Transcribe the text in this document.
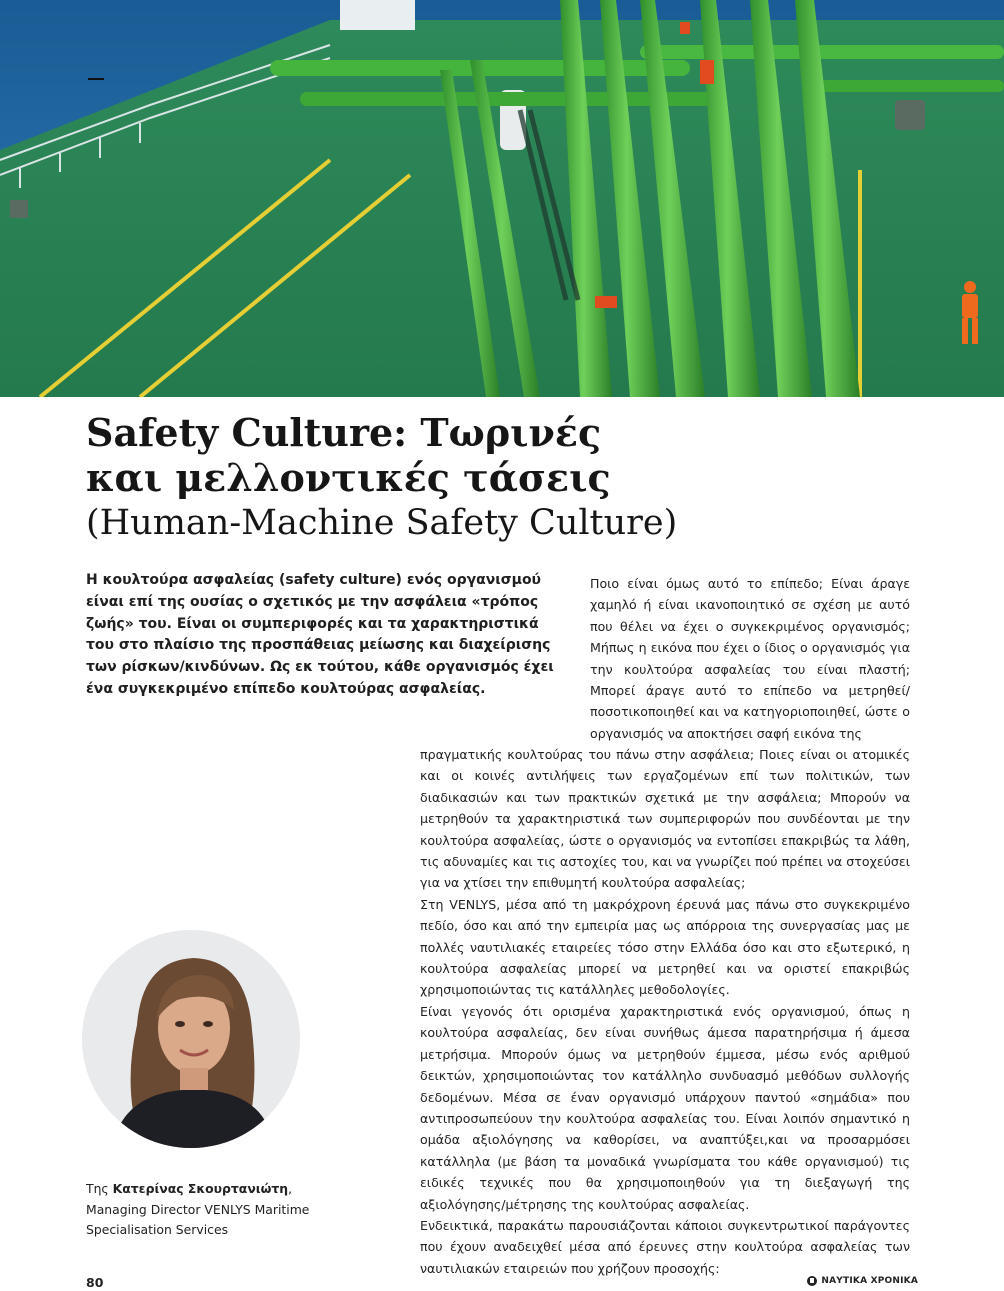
Safety Culture: Τωρινές
και μελλοντικές τάσεις
(Human-Machine Safety Culture)

Η κουλτούρα ασφαλείας (safety culture) ενός οργανισμού είναι επί της ουσίας ο σχετικός με την ασφάλεια «τρόπος ζωής» του. Είναι οι συμπεριφορές και τα χαρακτηριστικά του στο πλαίσιο της προσπάθειας μείωσης και διαχείρισης των ρίσκων/κινδύνων. Ως εκ τούτου, κάθε οργανισμός έχει ένα συγκεκριμένο επίπεδο κουλτούρας ασφαλείας.

Ποιο είναι όμως αυτό το επίπεδο; Είναι άραγε χαμηλό ή είναι ικανοποιητικό σε σχέση με αυτό που θέλει να έχει ο συγκεκριμένος οργανισμός; Μήπως η εικόνα που έχει ο ίδιος ο οργανισμός για την κουλτούρα ασφαλείας του είναι πλαστή; Μπορεί άραγε αυτό το επίπεδο να μετρηθεί/ ποσοτικοποιηθεί και να κατηγοριοποιηθεί, ώστε ο οργανισμός να αποκτήσει σαφή εικόνα της

πραγματικής κουλτούρας του πάνω στην ασφάλεια; Ποιες είναι οι ατομικές και οι κοινές αντιλήψεις των εργαζομένων επί των πολιτικών, των διαδικασιών και των πρακτικών σχετικά με την ασφάλεια; Μπορούν να μετρηθούν τα χαρακτηριστικά των συμπεριφορών που συνδέονται με την κουλτούρα ασφαλείας, ώστε ο οργανισμός να εντοπίσει επακριβώς τα λάθη, τις αδυναμίες και τις αστοχίες του, και να γνωρίζει πού πρέπει να στοχεύσει για να χτίσει την επιθυμητή κουλτούρα ασφαλείας;

Στη VENLYS, μέσα από τη μακρόχρονη έρευνά μας πάνω στο συγκεκριμένο πεδίο, όσο και από την εμπειρία μας ως απόρροια της συνεργασίας μας με πολλές ναυτιλιακές εταιρείες τόσο στην Ελλάδα όσο και στο εξωτερικό, η κουλτούρα ασφαλείας μπορεί να μετρηθεί και να οριστεί επακριβώς χρησιμοποιώντας τις κατάλληλες μεθοδολογίες.

Είναι γεγονός ότι ορισμένα χαρακτηριστικά ενός οργανισμού, όπως η κουλτούρα ασφαλείας, δεν είναι συνήθως άμεσα παρατηρήσιμα ή άμεσα μετρήσιμα. Μπορούν όμως να μετρηθούν έμμεσα, μέσω ενός αριθμού δεικτών, χρησιμοποιώντας τον κατάλληλο συνδυασμό μεθόδων συλλογής δεδομένων. Μέσα σε έναν οργανισμό υπάρχουν παντού «σημάδια» που αντιπροσωπεύουν την κουλτούρα ασφαλείας του. Είναι λοιπόν σημαντικό η ομάδα αξιολόγησης να καθορίσει, να αναπτύξει,και να προσαρμόσει κατάλληλα (με βάση τα μοναδικά γνωρίσματα του κάθε οργανισμού) τις ειδικές τεχνικές που θα χρησιμοποιηθούν για τη διεξαγωγή της αξιολόγησης/μέτρησης της κουλτούρας ασφαλείας.

Ενδεικτικά, παρακάτω παρουσιάζονται κάποιοι συγκεντρωτικοί παράγοντες που έχουν αναδειχθεί μέσα από έρευνες στην κουλτούρα ασφαλείας των ναυτιλιακών εταιρειών που χρήζουν προσοχής:

Της Κατερίνας Σκουρτανιώτη,
Managing Director VENLYS Maritime
Specialisation Services
80	ΝΑΥΤΙΚΑ ΧΡΟΝΙΚΑ
